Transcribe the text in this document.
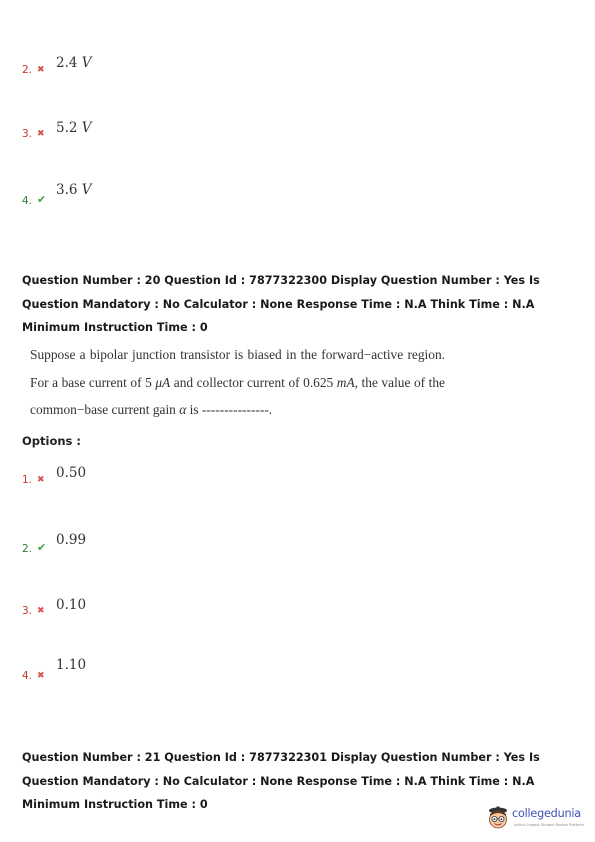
2. ✖ 2.4 V
3. ✖ 5.2 V
4. ✔
3.6 V
Question Number : 20 Question Id : 7877322300 Display Question Number : Yes Is Question Mandatory : No Calculator : None Response Time : N.A Think Time : N.A Minimum Instruction Time : 0
Suppose a bipolar junction transistor is biased in the forward−active region. For a base current of 5 μA and collector current of 0.625 mA, the value of the common−base current gain α is ---------------.
Options :
1. ✖ 0.50
2. ✔ 0.99
3. ✖ 0.10
4. ✖
1.10
Question Number : 21 Question Id : 7877322301 Display Question Number : Yes Is Question Mandatory : No Calculator : None Response Time : N.A Think Time : N.A Minimum Instruction Time : 0
collegedunia
India's Largest Student Review Platform
